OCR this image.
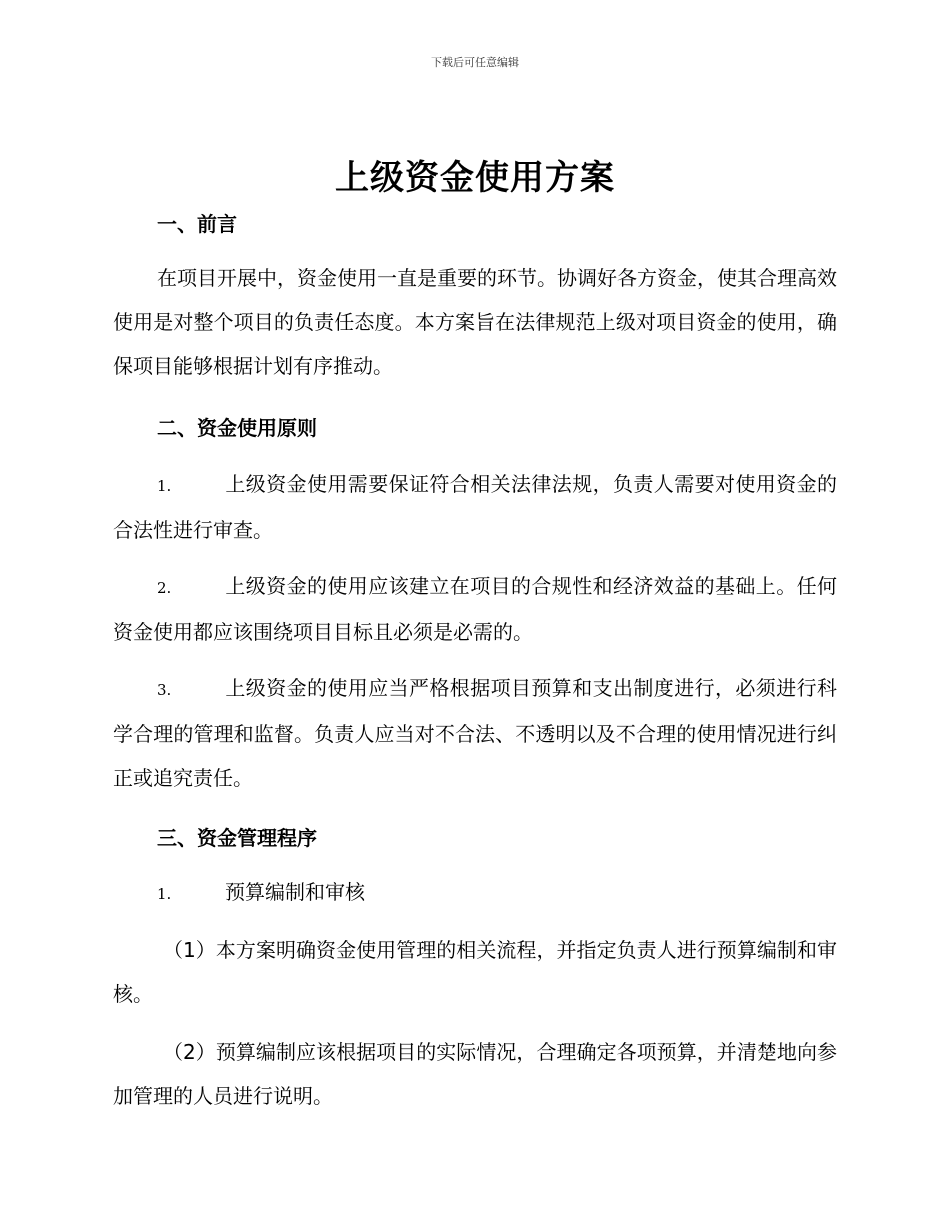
下载后可任意编辑
上级资金使用方案
一、前言
在项目开展中，资金使用一直是重要的环节。协调好各方资金，使其合理高效使用是对整个项目的负责任态度。本方案旨在法律规范上级对项目资金的使用，确保项目能够根据计划有序推动。
二、资金使用原则
1.	上级资金使用需要保证符合相关法律法规，负责人需要对使用资金的合法性进行审查。
2.	上级资金的使用应该建立在项目的合规性和经济效益的基础上。任何资金使用都应该围绕项目目标且必须是必需的。
3.	上级资金的使用应当严格根据项目预算和支出制度进行，必须进行科学合理的管理和监督。负责人应当对不合法、不透明以及不合理的使用情况进行纠正或追究责任。
三、资金管理程序
1.	预算编制和审核
（1）本方案明确资金使用管理的相关流程，并指定负责人进行预算编制和审核。
（2）预算编制应该根据项目的实际情况，合理确定各项预算，并清楚地向参加管理的人员进行说明。
